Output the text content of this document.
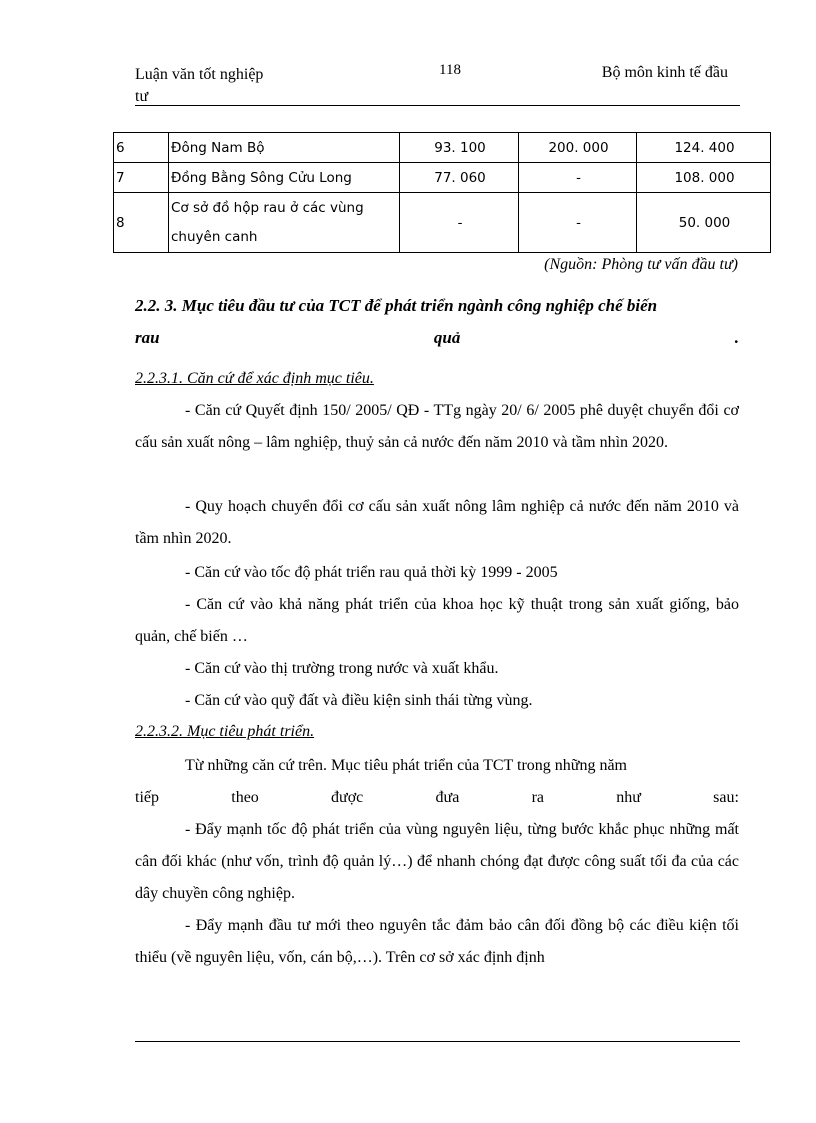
Luận văn tốt nghiệp
tư
118	Bộ môn kinh tế đầu
6	Đông Nam Bộ	93. 100	200. 000	124. 400
7	Đồng Bằng Sông Cửu Long	77. 060	-	108. 000
8	Cơ sở đồ hộp rau ở các vùng
chuyên canh	-	-	50. 000
(Nguồn: Phòng tư vấn đầu tư)
2.2. 3. Mục tiêu đầu tư của TCT để phát triển ngành công nghiệp chế biến
rau	quả	.
2.2.3.1. Căn cứ để xác định mục tiêu.

- Căn cứ Quyết định 150/ 2005/ QĐ - TTg ngày 20/ 6/ 2005 phê duyệt chuyển đổi cơ cấu sản xuất nông – lâm nghiệp, thuỷ sản cả nước đến năm 2010 và tầm nhìn 2020.

- Quy hoạch chuyển đổi cơ cấu sản xuất nông lâm nghiệp cả nước đến năm 2010 và tầm nhìn 2020.

- Căn cứ vào tốc độ phát triển rau quả thời kỳ 1999 - 2005

- Căn cứ vào khả năng phát triển của khoa học kỹ thuật trong sản xuất giống, bảo quản, chế biến …

- Căn cứ vào thị trường trong nước và xuất khẩu.

- Căn cứ vào quỹ đất và điều kiện sinh thái từng vùng.

2.2.3.2. Mục tiêu phát triển.

Từ những căn cứ trên. Mục tiêu phát triển của TCT trong những năm

tiếp	theo	được	đưa	ra	như	sau:

- Đẩy mạnh tốc độ phát triển của vùng nguyên liệu, từng bước khắc phục những mất cân đối khác (như vốn, trình độ quản lý…) để nhanh chóng đạt được công suất tối đa của các dây chuyền công nghiệp.

- Đẩy mạnh đầu tư mới theo nguyên tắc đảm bảo cân đối đồng bộ các điều kiện tối thiểu (về nguyên liệu, vốn, cán bộ,…). Trên cơ sở xác định định
